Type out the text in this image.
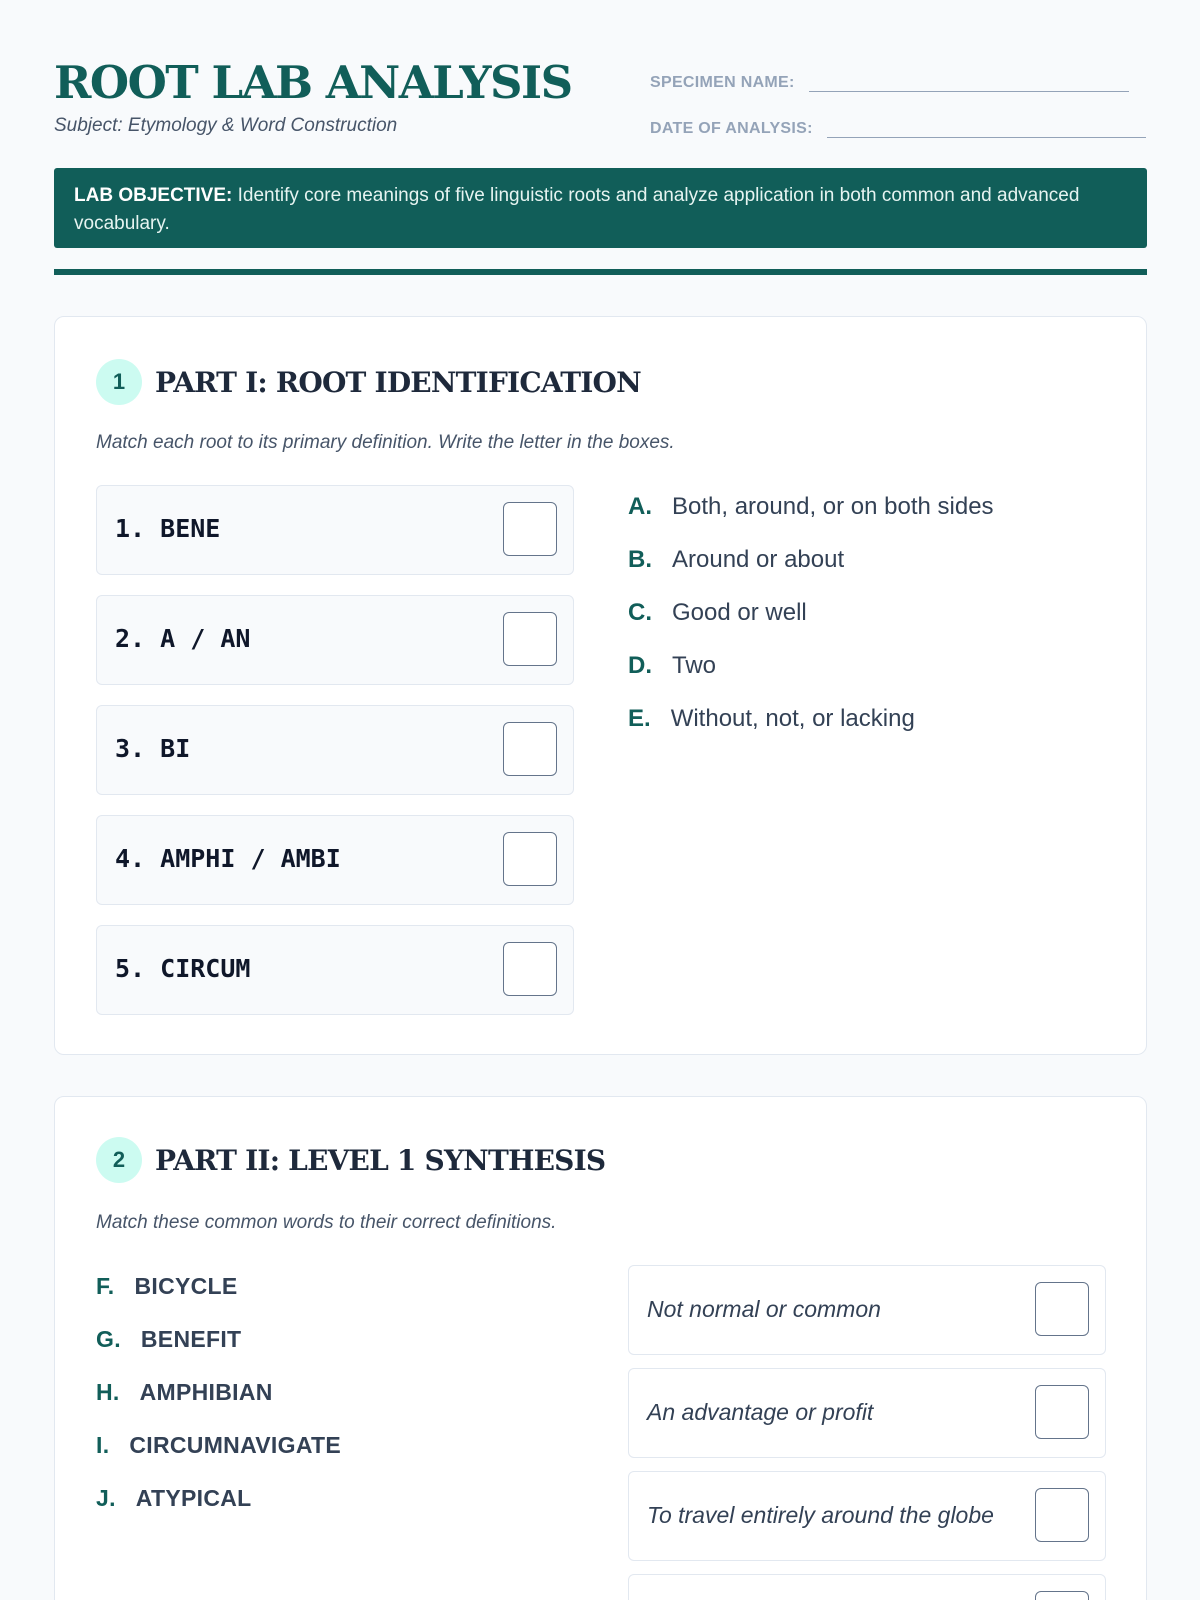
ROOT LAB ANALYSIS
Subject: Etymology & Word Construction
SPECIMEN NAME:
DATE OF ANALYSIS:
LAB OBJECTIVE: Identify core meanings of five linguistic roots and analyze application in both common and advanced vocabulary.
1	PART I: ROOT IDENTIFICATION
Match each root to its primary definition. Write the letter in the boxes.
1. BENE
2. A / AN
3. BI
4. AMPHI / AMBI
5. CIRCUM
A. Both, around, or on both sides
B. Around or about
C. Good or well
D. Two
E. Without, not, or lacking
2	PART II: LEVEL 1 SYNTHESIS
Match these common words to their correct definitions.
F. BICYCLE
G. BENEFIT
H. AMPHIBIAN
I. CIRCUMNAVIGATE
J. ATYPICAL
Not normal or common
An advantage or profit
To travel entirely around the globe
